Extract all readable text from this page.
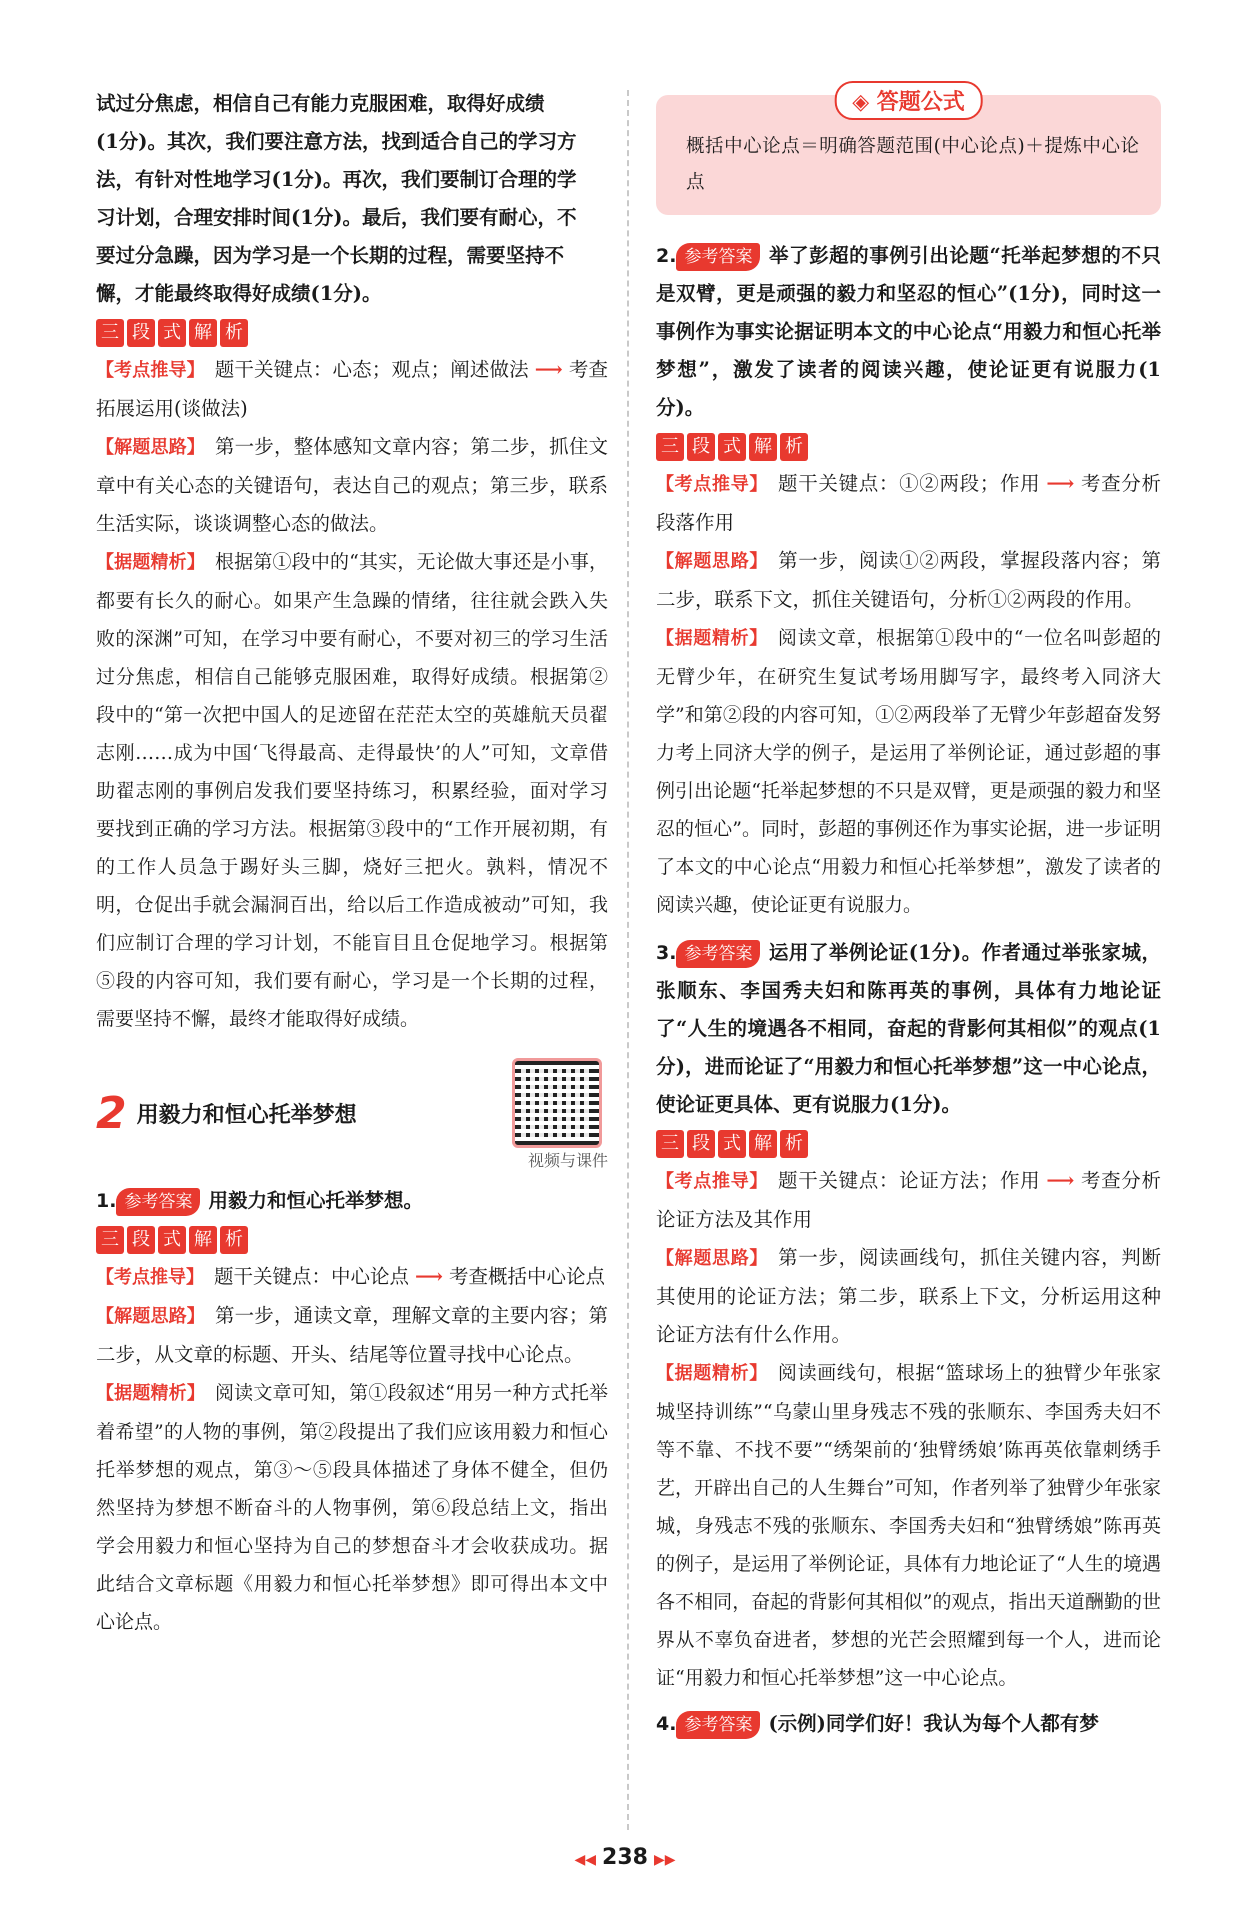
试过分焦虑，相信自己有能力克服困难，取得好成绩

(1分)。其次，我们要注意方法，找到适合自己的学习方

法，有针对性地学习(1分)。再次，我们要制订合理的学

习计划，合理安排时间(1分)。最后，我们要有耐心，不

要过分急躁，因为学习是一个长期的过程，需要坚持不

懈，才能最终取得好成绩(1分)。

三 段 式 解 析

【考点推导】 题干关键点：心态；观点；阐述做法 ⟶ 考查拓展运用(谈做法)

【解题思路】 第一步，整体感知文章内容；第二步，抓住文章中有关心态的关键语句，表达自己的观点；第三步，联系生活实际，谈谈调整心态的做法。

【据题精析】 根据第①段中的“其实，无论做大事还是小事，都要有长久的耐心。如果产生急躁的情绪，往往就会跌入失败的深渊”可知，在学习中要有耐心，不要对初三的学习生活过分焦虑，相信自己能够克服困难，取得好成绩。根据第②段中的“第一次把中国人的足迹留在茫茫太空的英雄航天员翟志刚……成为中国‘飞得最高、走得最快’的人”可知，文章借助翟志刚的事例启发我们要坚持练习，积累经验，面对学习要找到正确的学习方法。根据第③段中的“工作开展初期，有的工作人员急于踢好头三脚，烧好三把火。孰料，情况不明，仓促出手就会漏洞百出，给以后工作造成被动”可知，我们应制订合理的学习计划，不能盲目且仓促地学习。根据第⑤段的内容可知，我们要有耐心，学习是一个长期的过程，需要坚持不懈，最终才能取得好成绩。

2 用毅力和恒心托举梦想
视频与课件

1. 参考答案 用毅力和恒心托举梦想。

三 段 式 解 析

【考点推导】 题干关键点：中心论点 ⟶ 考查概括中心论点

【解题思路】 第一步，通读文章，理解文章的主要内容；第二步，从文章的标题、开头、结尾等位置寻找中心论点。

【据题精析】 阅读文章可知，第①段叙述“用另一种方式托举着希望”的人物的事例，第②段提出了我们应该用毅力和恒心托举梦想的观点，第③～⑤段具体描述了身体不健全，但仍然坚持为梦想不断奋斗的人物事例，第⑥段总结上文，指出学会用毅力和恒心坚持为自己的梦想奋斗才会收获成功。据此结合文章标题《用毅力和恒心托举梦想》即可得出本文中心论点。

◈ 答题公式

概括中心论点＝明确答题范围(中心论点)＋提炼中心论点

2. 参考答案 举了彭超的事例引出论题“托举起梦想的不只是双臂，更是顽强的毅力和坚忍的恒心”(1分)，同时这一事例作为事实论据证明本文的中心论点“用毅力和恒心托举梦想”，激发了读者的阅读兴趣，使论证更有说服力(1分)。

三 段 式 解 析

【考点推导】 题干关键点：①②两段；作用 ⟶ 考查分析段落作用

【解题思路】 第一步，阅读①②两段，掌握段落内容；第二步，联系下文，抓住关键语句，分析①②两段的作用。

【据题精析】 阅读文章，根据第①段中的“一位名叫彭超的无臂少年，在研究生复试考场用脚写字，最终考入同济大学”和第②段的内容可知，①②两段举了无臂少年彭超奋发努力考上同济大学的例子，是运用了举例论证，通过彭超的事例引出论题“托举起梦想的不只是双臂，更是顽强的毅力和坚忍的恒心”。同时，彭超的事例还作为事实论据，进一步证明了本文的中心论点“用毅力和恒心托举梦想”，激发了读者的阅读兴趣，使论证更有说服力。

3. 参考答案 运用了举例论证(1分)。作者通过举张家城，张顺东、李国秀夫妇和陈再英的事例，具体有力地论证了“人生的境遇各不相同，奋起的背影何其相似”的观点(1分)，进而论证了“用毅力和恒心托举梦想”这一中心论点，使论证更具体、更有说服力(1分)。

三 段 式 解 析

【考点推导】 题干关键点：论证方法；作用 ⟶ 考查分析论证方法及其作用

【解题思路】 第一步，阅读画线句，抓住关键内容，判断其使用的论证方法；第二步，联系上下文，分析运用这种论证方法有什么作用。

【据题精析】 阅读画线句，根据“篮球场上的独臂少年张家城坚持训练”“乌蒙山里身残志不残的张顺东、李国秀夫妇不等不靠、不找不要”“绣架前的‘独臂绣娘’陈再英依靠刺绣手艺，开辟出自己的人生舞台”可知，作者列举了独臂少年张家城，身残志不残的张顺东、李国秀夫妇和“独臂绣娘”陈再英的例子，是运用了举例论证，具体有力地论证了“人生的境遇各不相同，奋起的背影何其相似”的观点，指出天道酬勤的世界从不辜负奋进者，梦想的光芒会照耀到每一个人，进而论证“用毅力和恒心托举梦想”这一中心论点。

4. 参考答案 (示例)同学们好！我认为每个人都有梦

◀◀ 238 ▶▶
